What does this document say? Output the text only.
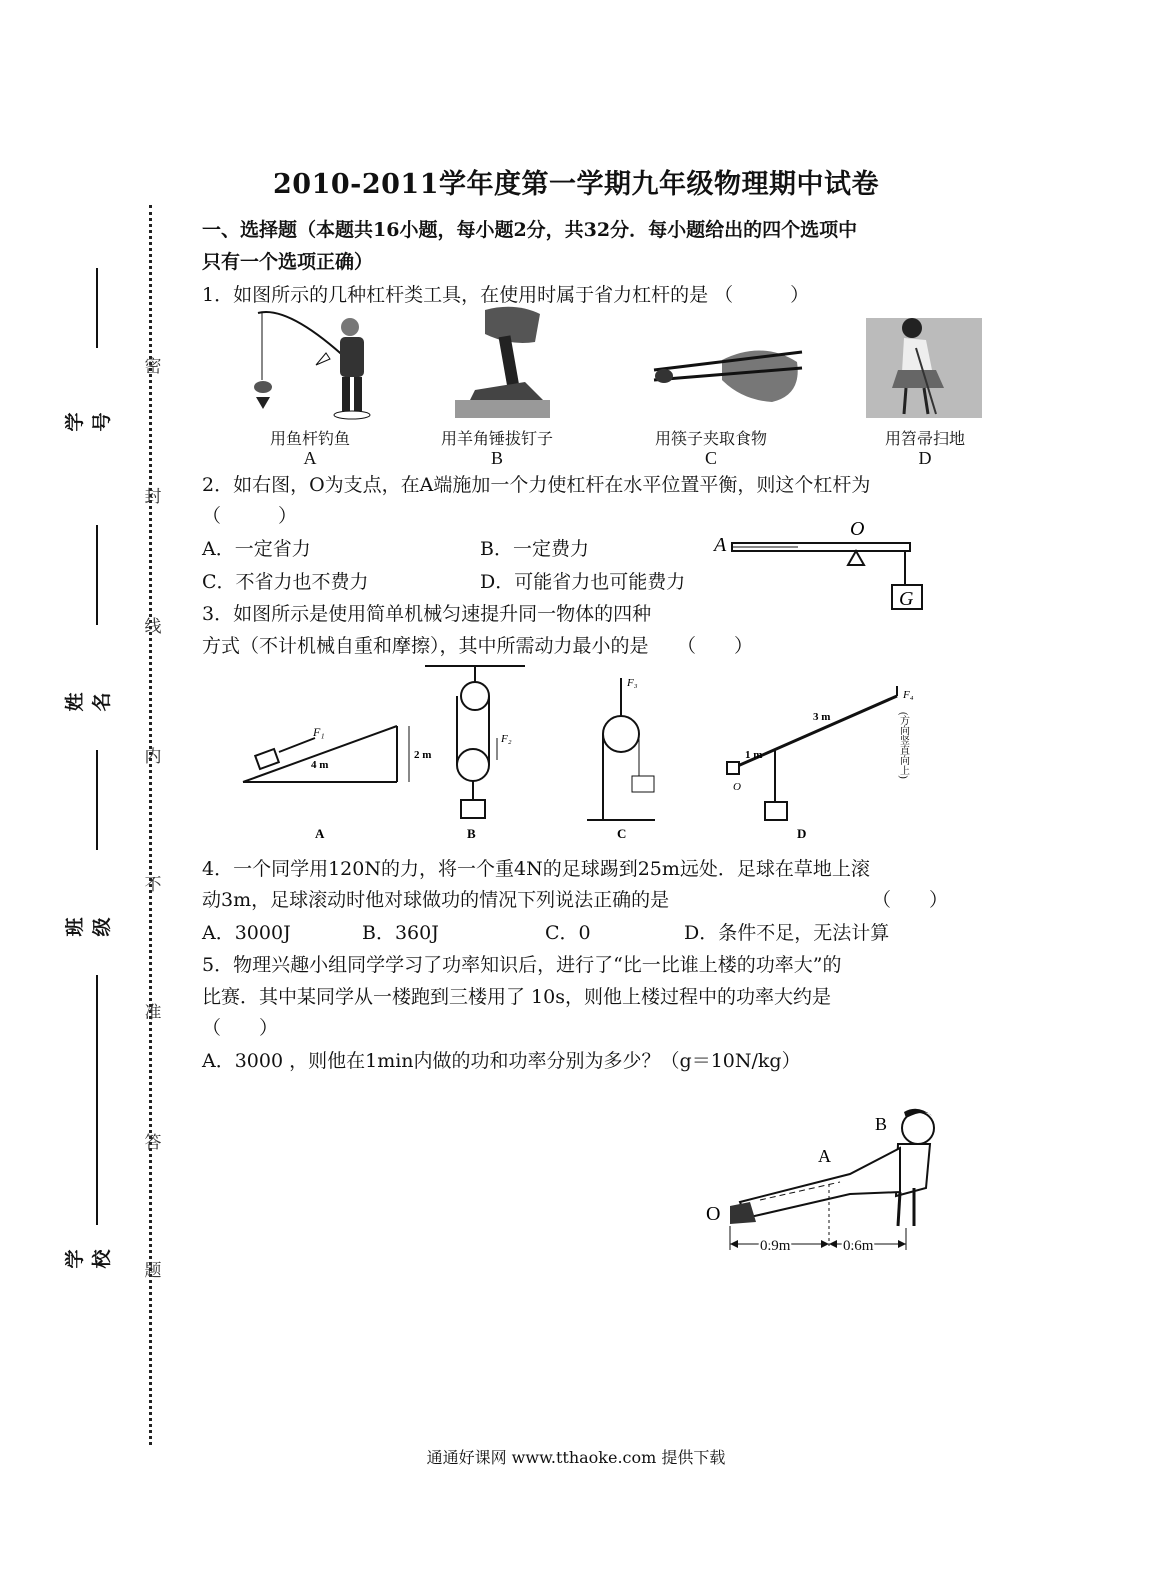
2010-2011学年度第一学期九年级物理期中试卷
学 号
姓 名
班 级
学校
密
封
线
内
不
准
答
题
一、选择题（本题共16小题，每小题2分，共32分．每小题给出的四个选项中
只有一个选项正确）
1．如图所示的几种杠杆类工具，在使用时属于省力杠杆的是 （　　　）
用鱼杆钓鱼	用羊角锤拔钉子	用筷子夹取食物	用笤帚扫地
A	B	C	D
2．如右图，O为支点，在A端施加一个力使杠杆在水平位置平衡，则这个杠杆为
（　　　）
A．一定省力	B．一定费力
C．不省力也不费力	D．可能省力也可能费力
A
O
G
3．如图所示是使用简单机械匀速提升同一物体的四种
方式（不计机械自重和摩擦），其中所需动力最小的是　　（　　）
F₁
4 m
2 m
A
F₂
B
F₃
C
O
1 m
3 m
F₄
(方向竖直向上)
D
4．一个同学用120N的力，将一个重4N的足球踢到25m远处．足球在草地上滚
动3m，足球滚动时他对球做功的情况下列说法正确的是	（　　）
A．3000J	B．360J	C．0	D．条件不足，无法计算
5．物理兴趣小组同学学习了功率知识后，进行了“比一比谁上楼的功率大”的
比赛．其中某同学从一楼跑到三楼用了 10s，则他上楼过程中的功率大约是
（　　）
A．3000 ，则他在1min内做的功和功率分别为多少？（g＝10N/kg）
O
A
B
0.9m	0.6m
通通好课网 www.tthaoke.com 提供下载
